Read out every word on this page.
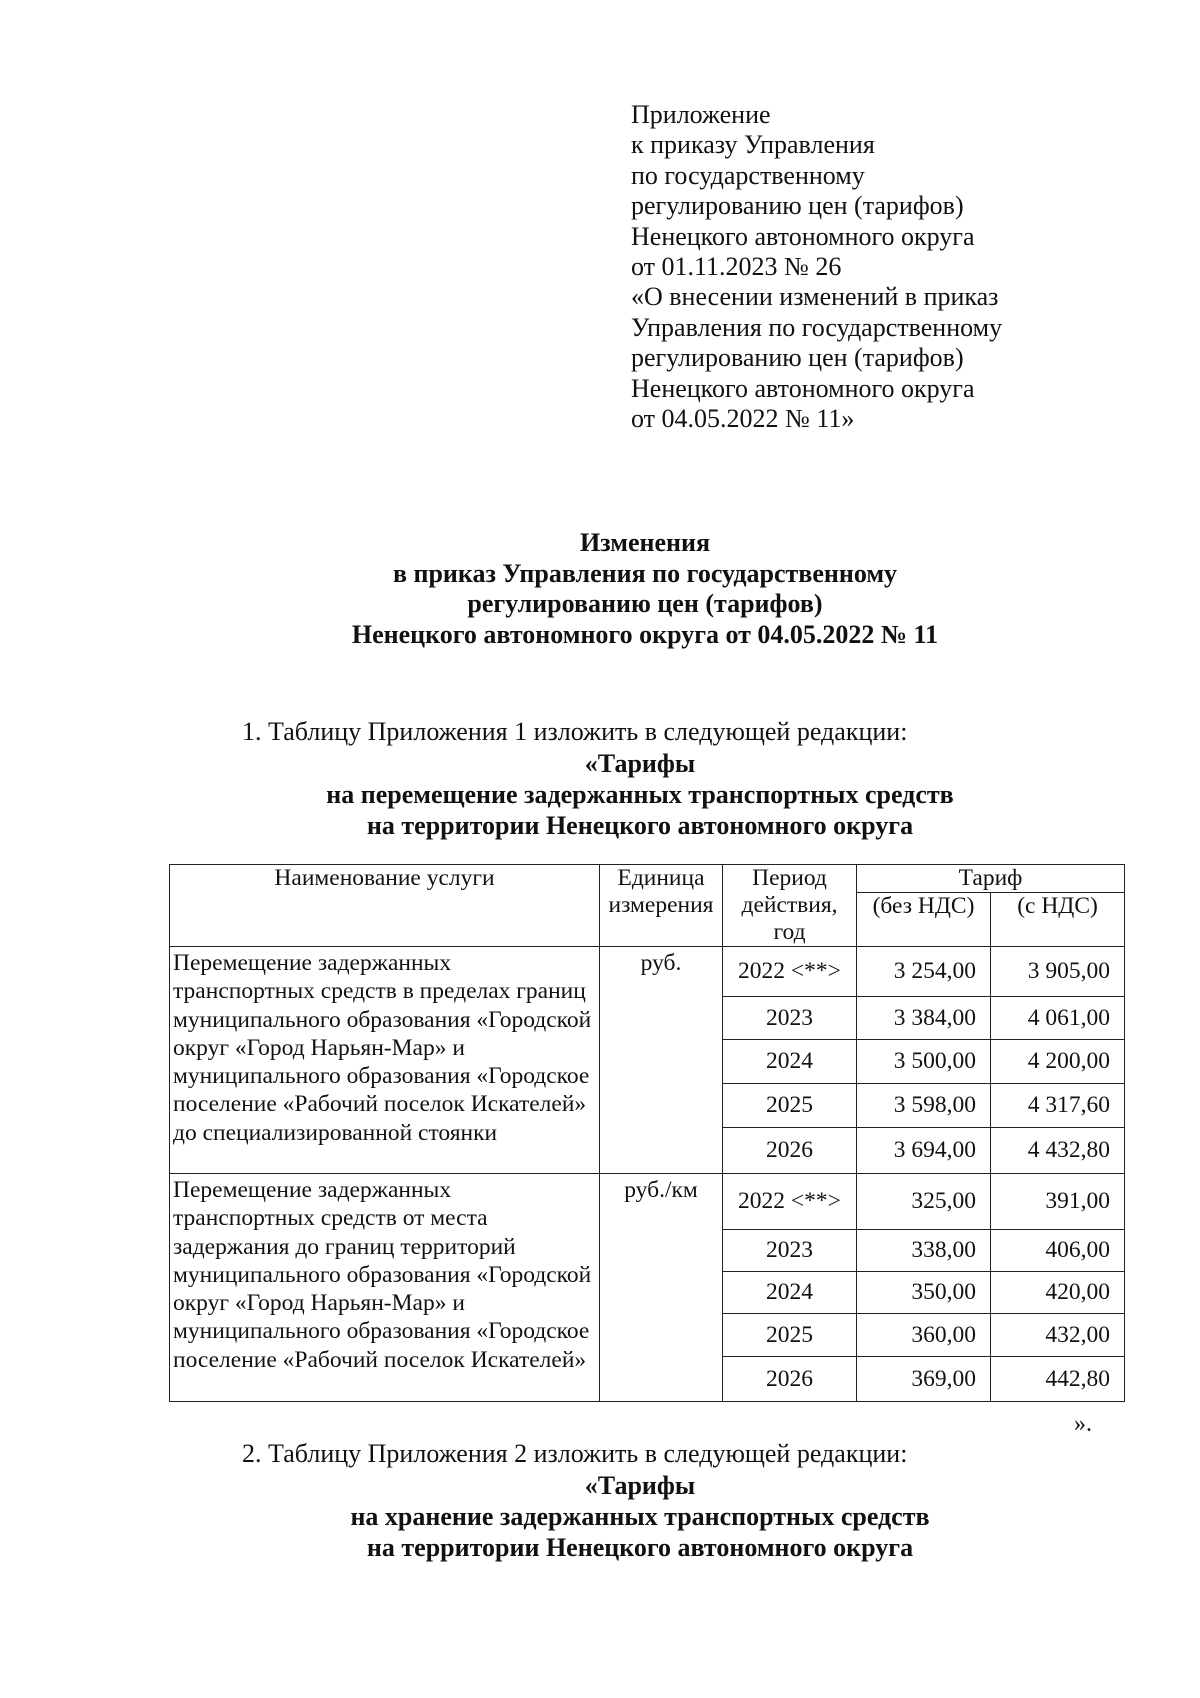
Приложение
к приказу Управления
по государственному
регулированию цен (тарифов)
Ненецкого автономного округа
от 01.11.2023 № 26
«О внесении изменений в приказ
Управления по государственному
регулированию цен (тарифов)
Ненецкого автономного округа
от 04.05.2022 № 11»
Изменения
в приказ Управления по государственному
регулированию цен (тарифов)
Ненецкого автономного округа от 04.05.2022 № 11
1. Таблицу Приложения 1 изложить в следующей редакции:
«Тарифы
на перемещение задержанных транспортных средств
на территории Ненецкого автономного округа
Наименование услуги	Единица измерения	Период действия, год	Тариф	
			(без НДС)	(с НДС)
Перемещение задержанных транспортных средств в пределах границ муниципального образования «Городской округ «Город Нарьян-Мар» и муниципального образования «Городское поселение «Рабочий поселок Искателей» до специализированной стоянки	руб.	2022 <**>	3 254,00	3 905,00
		2023	3 384,00	4 061,00
		2024	3 500,00	4 200,00
		2025	3 598,00	4 317,60
		2026	3 694,00	4 432,80
Перемещение задержанных транспортных средств от места задержания до границ территорий муниципального образования «Городской округ «Город Нарьян-Мар» и муниципального образования «Городское поселение «Рабочий поселок Искателей»	руб./км	2022 <**>	325,00	391,00
		2023	338,00	406,00
		2024	350,00	420,00
		2025	360,00	432,00
		2026	369,00	442,80
».
2. Таблицу Приложения 2 изложить в следующей редакции:
«Тарифы
на хранение задержанных транспортных средств
на территории Ненецкого автономного округа
